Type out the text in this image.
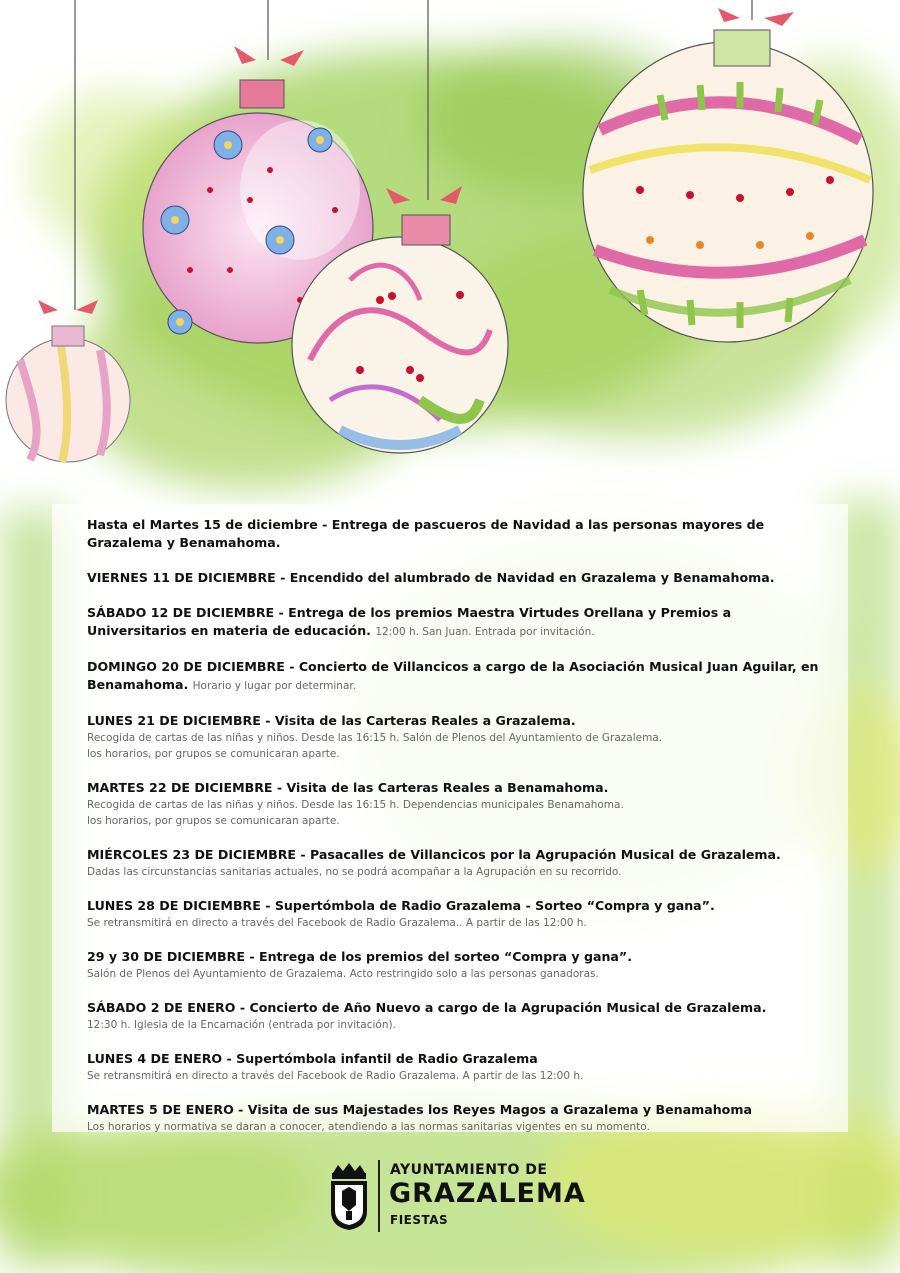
Hasta el Martes 15 de diciembre - Entrega de pascueros de Navidad a las personas mayores de Grazalema y Benamahoma.
VIERNES 11 DE DICIEMBRE - Encendido del alumbrado de Navidad en Grazalema y Benamahoma.
SÁBADO 12 DE DICIEMBRE - Entrega de los premios Maestra Virtudes Orellana y Premios a Universitarios en materia de educación. 12:00 h. San Juan. Entrada por invitación.
DOMINGO 20 DE DICIEMBRE - Concierto de Villancicos a cargo de la Asociación Musical Juan Aguilar, en Benamahoma. Horario y lugar por determinar.
LUNES 21 DE DICIEMBRE - Visita de las Carteras Reales a Grazalema.
Recogida de cartas de las niñas y niños. Desde las 16:15 h. Salón de Plenos del Ayuntamiento de Grazalema.
los horarios, por grupos se comunicaran aparte.
MARTES 22 DE DICIEMBRE - Visita de las Carteras Reales a Benamahoma.
Recogida de cartas de las niñas y niños. Desde las 16:15 h. Dependencias municipales Benamahoma.
los horarios, por grupos se comunicaran aparte.
MIÉRCOLES 23 DE DICIEMBRE - Pasacalles de Villancicos por la Agrupación Musical de Grazalema.
Dadas las circunstancias sanitarias actuales, no se podrá acompañar a la Agrupación en su recorrido.
LUNES 28 DE DICIEMBRE - Supertómbola de Radio Grazalema - Sorteo “Compra y gana”.
Se retransmitirá en directo a través del Facebook de Radio Grazalema.. A partir de las 12:00 h.
29 y 30 DE DICIEMBRE - Entrega de los premios del sorteo “Compra y gana”.
Salón de Plenos del Ayuntamiento de Grazalema. Acto restringido solo a las personas ganadoras.
SÁBADO 2 DE ENERO - Concierto de Año Nuevo a cargo de la Agrupación Musical de Grazalema.
12:30 h. Iglesia de la Encarnación (entrada por invitación).
LUNES 4 DE ENERO - Supertómbola infantil de Radio Grazalema
Se retransmitirá en directo a través del Facebook de Radio Grazalema. A partir de las 12:00 h.
MARTES 5 DE ENERO - Visita de sus Majestades los Reyes Magos a Grazalema y Benamahoma
Los horarios y normativa se daran a conocer, atendiendo a las normas sanitarias vigentes en su momento.
AYUNTAMIENTO DE
GRAZALEMA
FIESTAS
